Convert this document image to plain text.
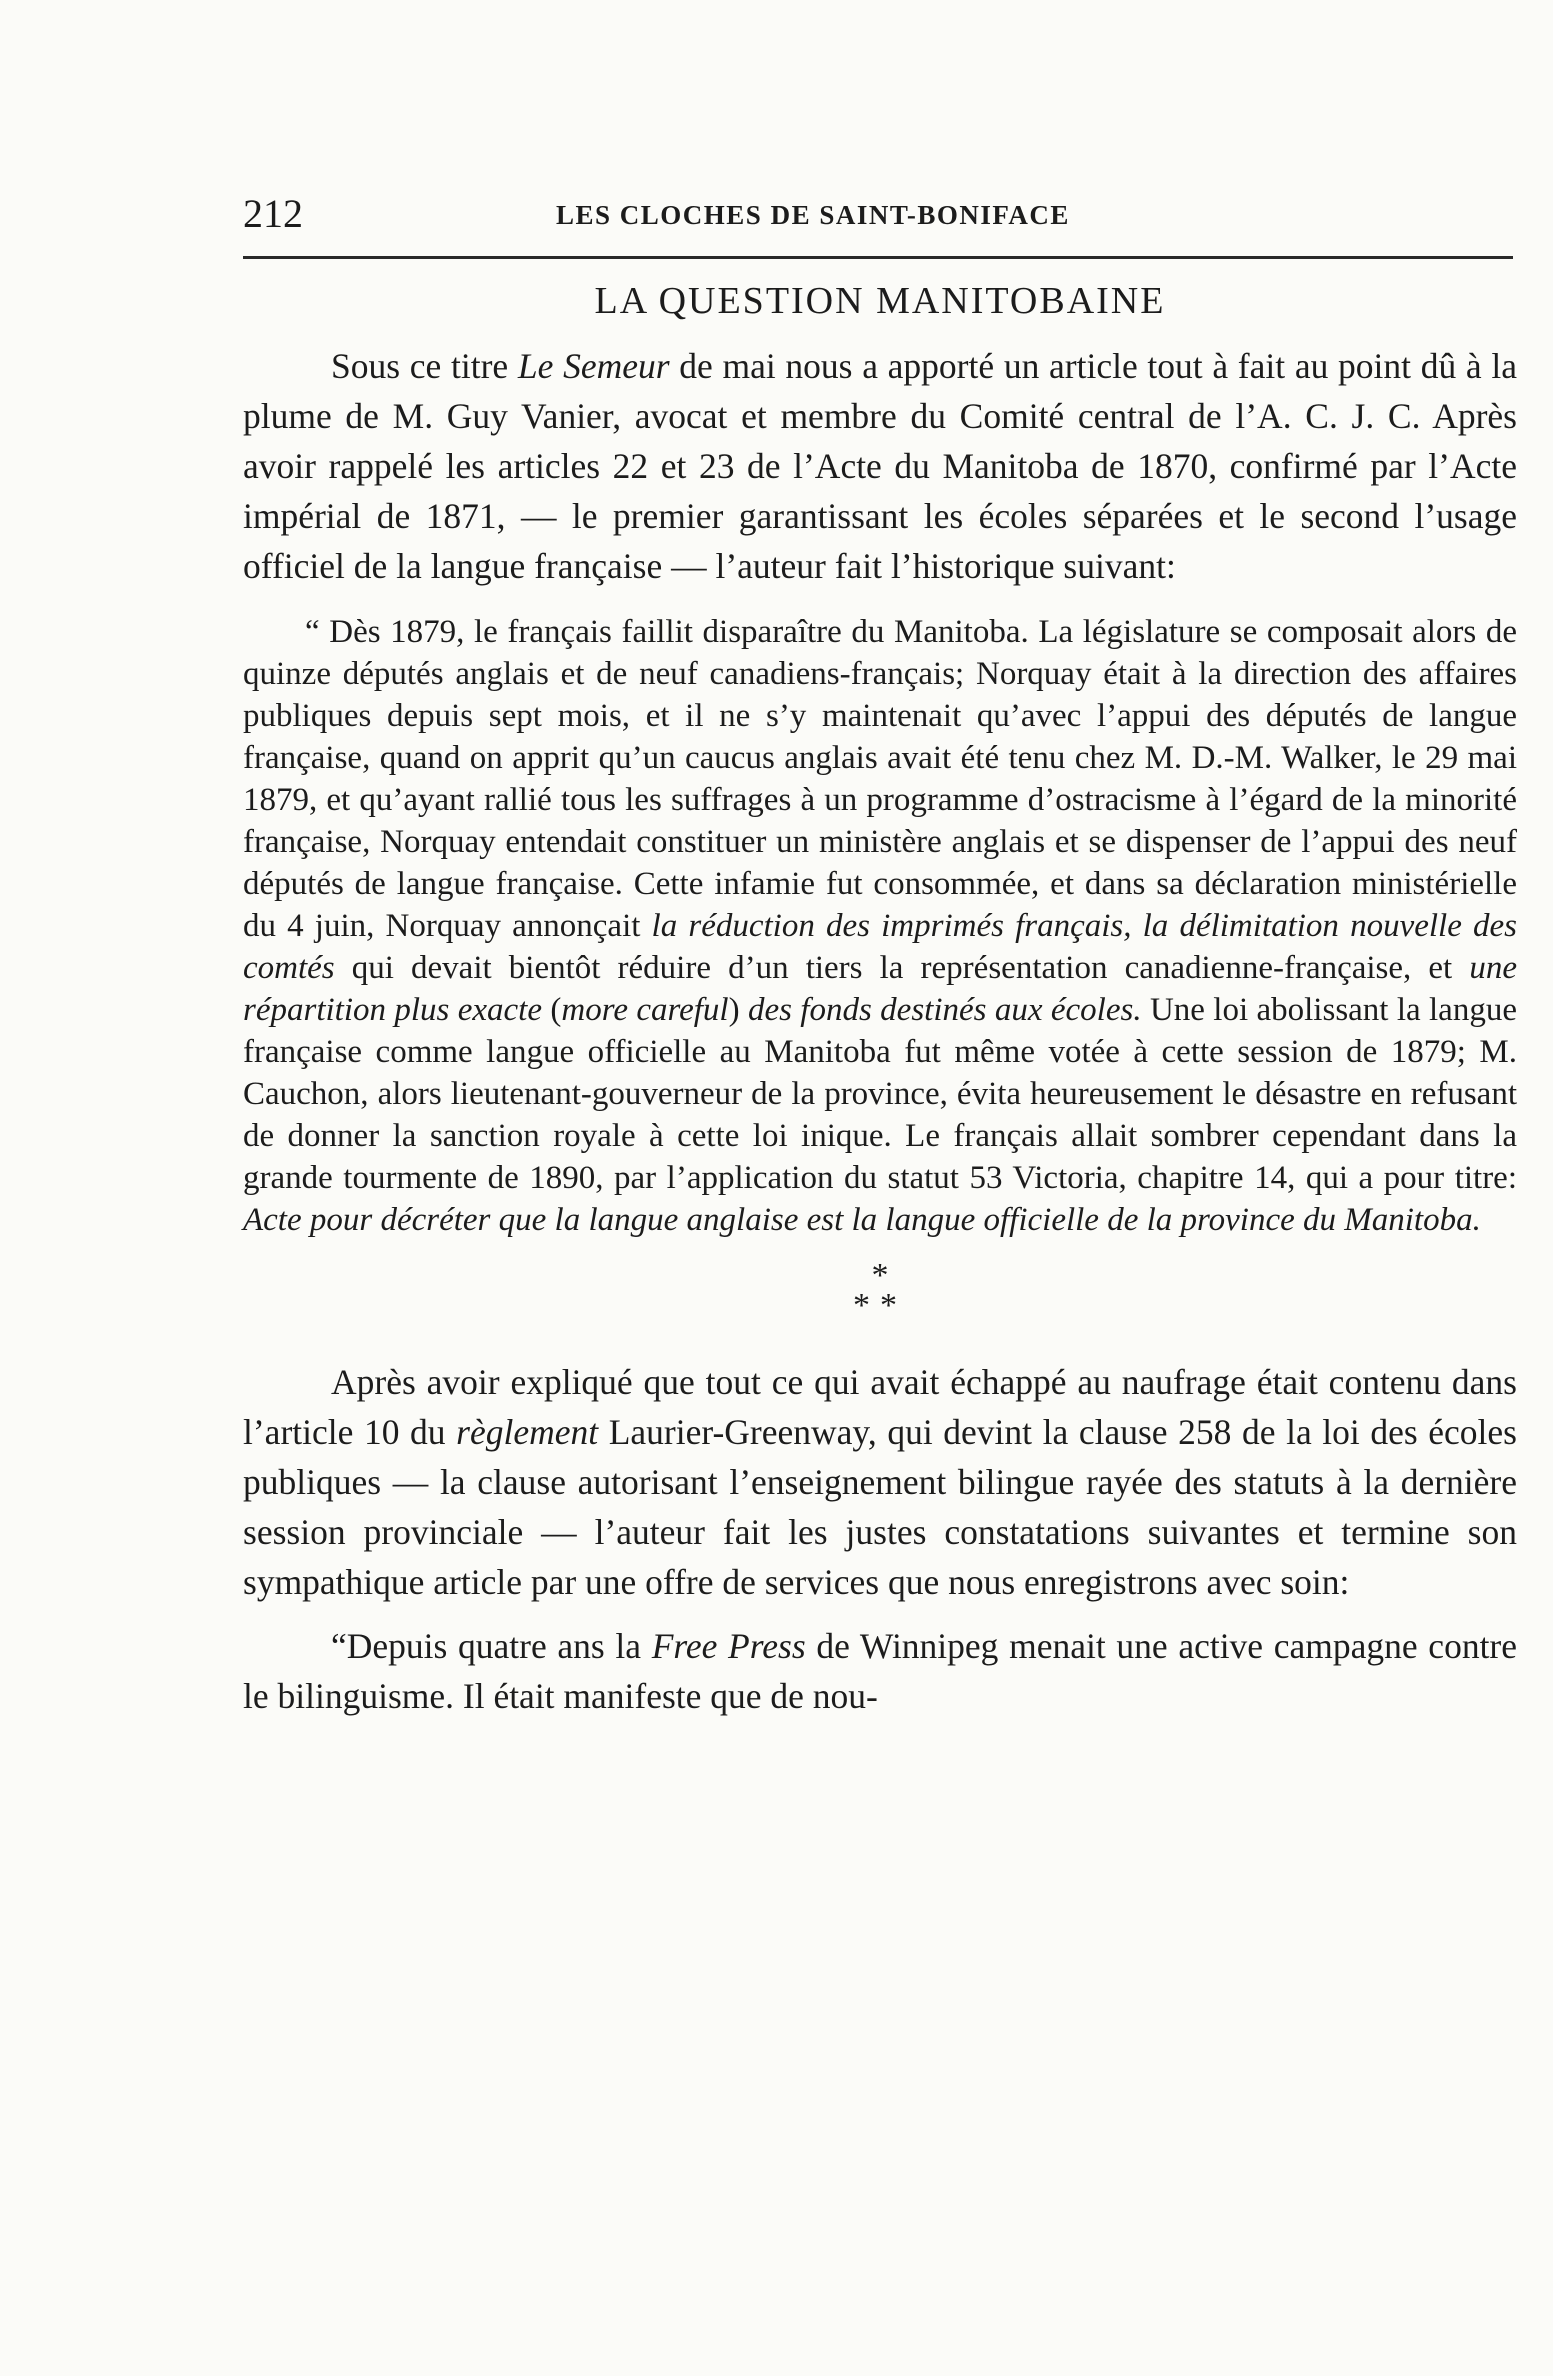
212	LES CLOCHES DE SAINT-BONIFACE
LA QUESTION MANITOBAINE

Sous ce titre Le Semeur de mai nous a apporté un article tout à fait au point dû à la plume de M. Guy Vanier, avocat et membre du Comité central de l’A. C. J. C. Après avoir rappelé les articles 22 et 23 de l’Acte du Manitoba de 1870, confirmé par l’Acte impérial de 1871, — le premier garantissant les écoles séparées et le second l’usage officiel de la langue française — l’auteur fait l’historique suivant:

“ Dès 1879, le français faillit disparaître du Manitoba. La législature se composait alors de quinze députés anglais et de neuf canadiens-français; Norquay était à la direction des affaires publiques depuis sept mois, et il ne s’y maintenait qu’avec l’appui des députés de langue française, quand on apprit qu’un caucus anglais avait été tenu chez M. D.-M. Walker, le 29 mai 1879, et qu’ayant rallié tous les suffrages à un programme d’ostracisme à l’égard de la minorité française, Norquay entendait constituer un ministère anglais et se dispenser de l’appui des neuf députés de langue française. Cette infamie fut consommée, et dans sa déclaration ministérielle du 4 juin, Norquay annonçait la réduction des imprimés français, la délimitation nouvelle des comtés qui devait bientôt réduire d’un tiers la représentation canadienne-française, et une répartition plus exacte (more careful) des fonds destinés aux écoles. Une loi abolissant la langue française comme langue officielle au Manitoba fut même votée à cette session de 1879; M. Cauchon, alors lieutenant-gouverneur de la province, évita heureusement le désastre en refusant de donner la sanction royale à cette loi inique. Le français allait sombrer cependant dans la grande tourmente de 1890, par l’application du statut 53 Victoria, chapitre 14, qui a pour titre: Acte pour décréter que la langue anglaise est la langue officielle de la province du Manitoba.

*
**

Après avoir expliqué que tout ce qui avait échappé au naufrage était contenu dans l’article 10 du règlement Laurier-Greenway, qui devint la clause 258 de la loi des écoles publiques — la clause autorisant l’enseignement bilingue rayée des statuts à la dernière session provinciale — l’auteur fait les justes constatations suivantes et termine son sympathique article par une offre de services que nous enregistrons avec soin:

“Depuis quatre ans la Free Press de Winnipeg menait une active campagne contre le bilinguisme. Il était manifeste que de nou-
